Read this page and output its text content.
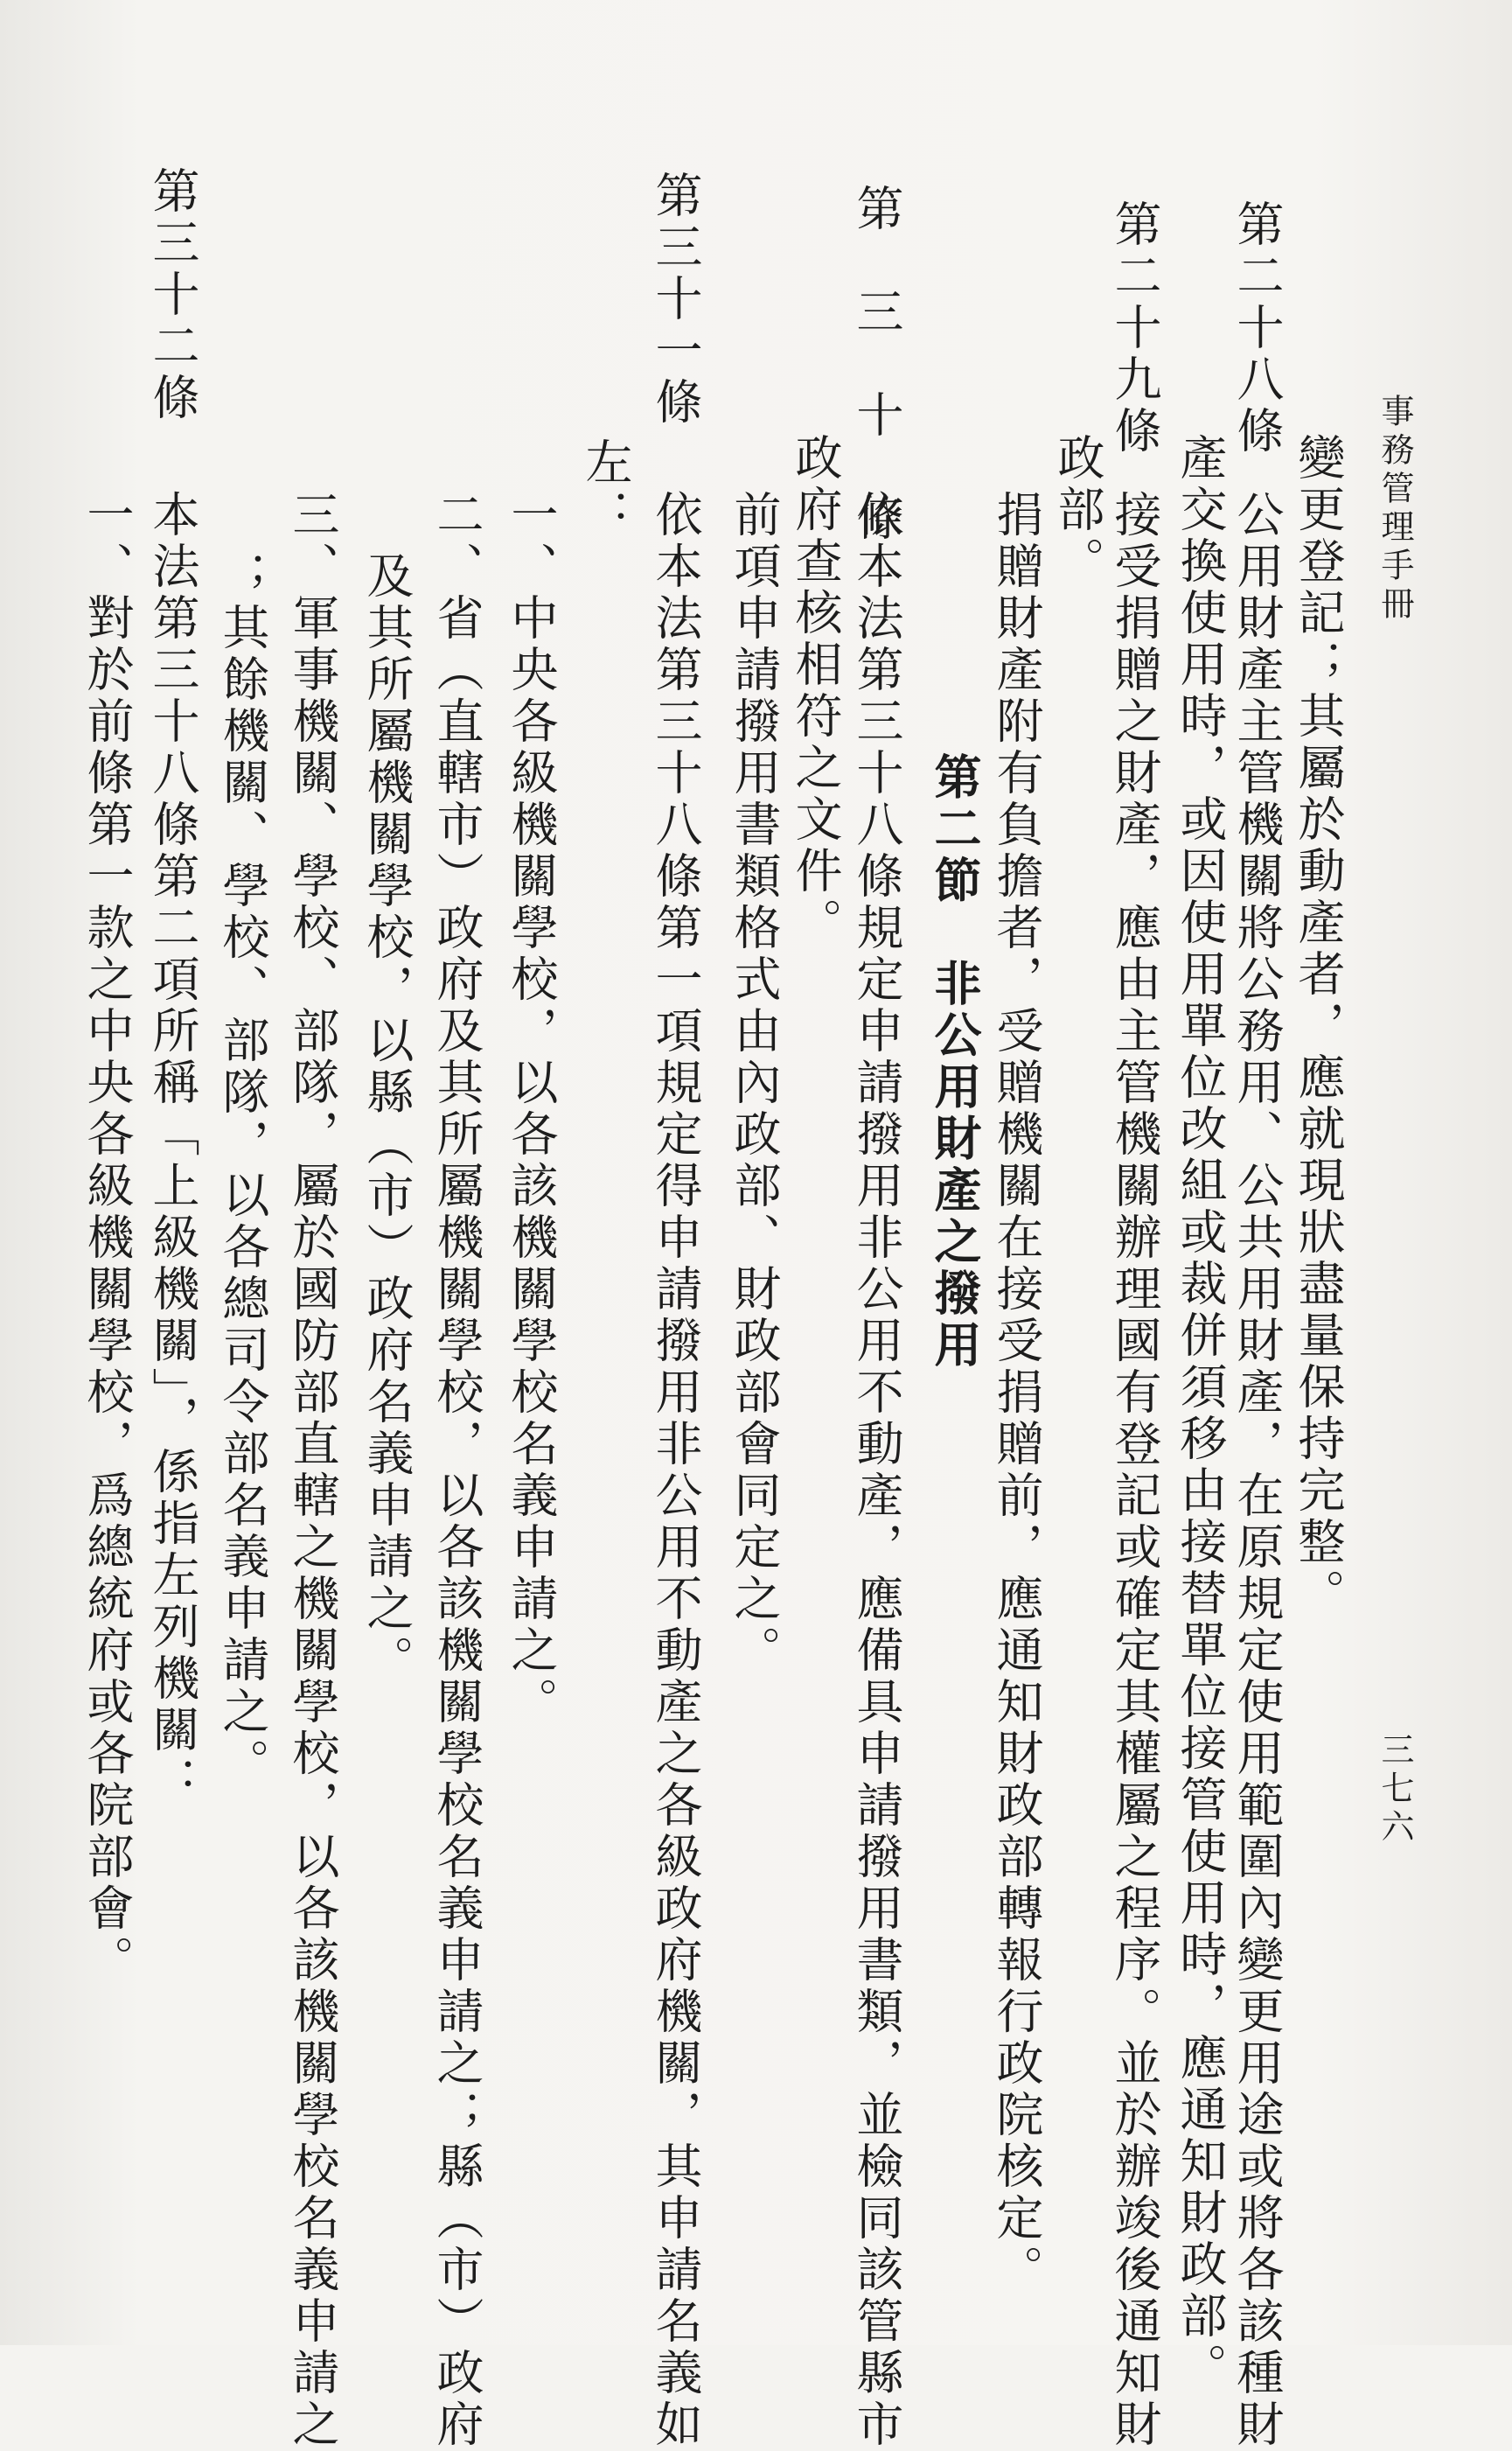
事務管理手冊
三七六
第二十八條
變更登記；其屬於動產者，應就現狀盡量保持完整。
公用財產主管機關將公務用、公共用財產，在原規定使用範圍內變更用途或將各該種財
產交換使用時，或因使用單位改組或裁併須移由接替單位接管使用時，應通知財政部。
第二十九條
接受捐贈之財產，應由主管機關辦理國有登記或確定其權屬之程序。並於辦竣後通知財
政部。
捐贈財產附有負擔者，受贈機關在接受捐贈前，應通知財政部轉報行政院核定。
第二節　非公用財產之撥用
第　三　十　條
依本法第三十八條規定申請撥用非公用不動產，應備具申請撥用書類，並檢同該管縣市
政府查核相符之文件。
前項申請撥用書類格式由內政部、財政部會同定之。
第三十一條
依本法第三十八條第一項規定得申請撥用非公用不動產之各級政府機關，其申請名義如
左：
一、中央各級機關學校，以各該機關學校名義申請之。
二、省（直轄市）政府及其所屬機關學校，以各該機關學校名義申請之；縣（市）政府
及其所屬機關學校，以縣（市）政府名義申請之。
三、軍事機關、學校、部隊，屬於國防部直轄之機關學校，以各該機關學校名義申請之
；其餘機關、學校、部隊，以各總司令部名義申請之。
第三十二條
本法第三十八條第二項所稱「上級機關」，係指左列機關：
一、對於前條第一款之中央各級機關學校，爲總統府或各院部會。
